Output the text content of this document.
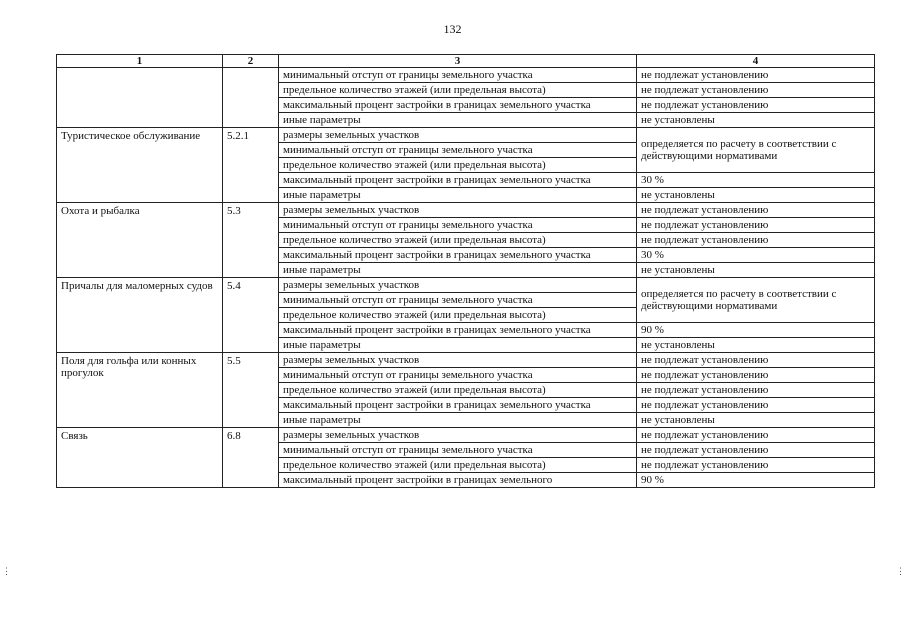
132
1	2	3	4
		минимальный отступ от границы земельного участка	не подлежат установлению
		предельное количество этажей (или предельная высота)	не подлежат установлению
		максимальный процент застройки в границах земельного участка	не подлежат установлению
		иные параметры	не установлены
Туристическое обслуживание	5.2.1	размеры земельных участков	определяется по расчету в соответствии с действующими нормативами
		минимальный отступ от границы земельного участка	
		предельное количество этажей (или предельная высота)	
		максимальный процент застройки в границах земельного участка	30 %
		иные параметры	не установлены
Охота и рыбалка	5.3	размеры земельных участков	не подлежат установлению
		минимальный отступ от границы земельного участка	не подлежат установлению
		предельное количество этажей (или предельная высота)	не подлежат установлению
		максимальный процент застройки в границах земельного участка	30 %
		иные параметры	не установлены
Причалы для маломерных судов	5.4	размеры земельных участков	определяется по расчету в соответствии с действующими нормативами
		минимальный отступ от границы земельного участка	
		предельное количество этажей (или предельная высота)	
		максимальный процент застройки в границах земельного участка	90 %
		иные параметры	не установлены
Поля для гольфа или конных прогулок	5.5	размеры земельных участков	не подлежат установлению
		минимальный отступ от границы земельного участка	не подлежат установлению
		предельное количество этажей (или предельная высота)	не подлежат установлению
		максимальный процент застройки в границах земельного участка	не подлежат установлению
		иные параметры	не установлены
Связь	6.8	размеры земельных участков	не подлежат установлению
		минимальный отступ от границы земельного участка	не подлежат установлению
		предельное количество этажей (или предельная высота)	не подлежат установлению
		максимальный процент застройки в границах земельного	90 %
⋮	⋮
